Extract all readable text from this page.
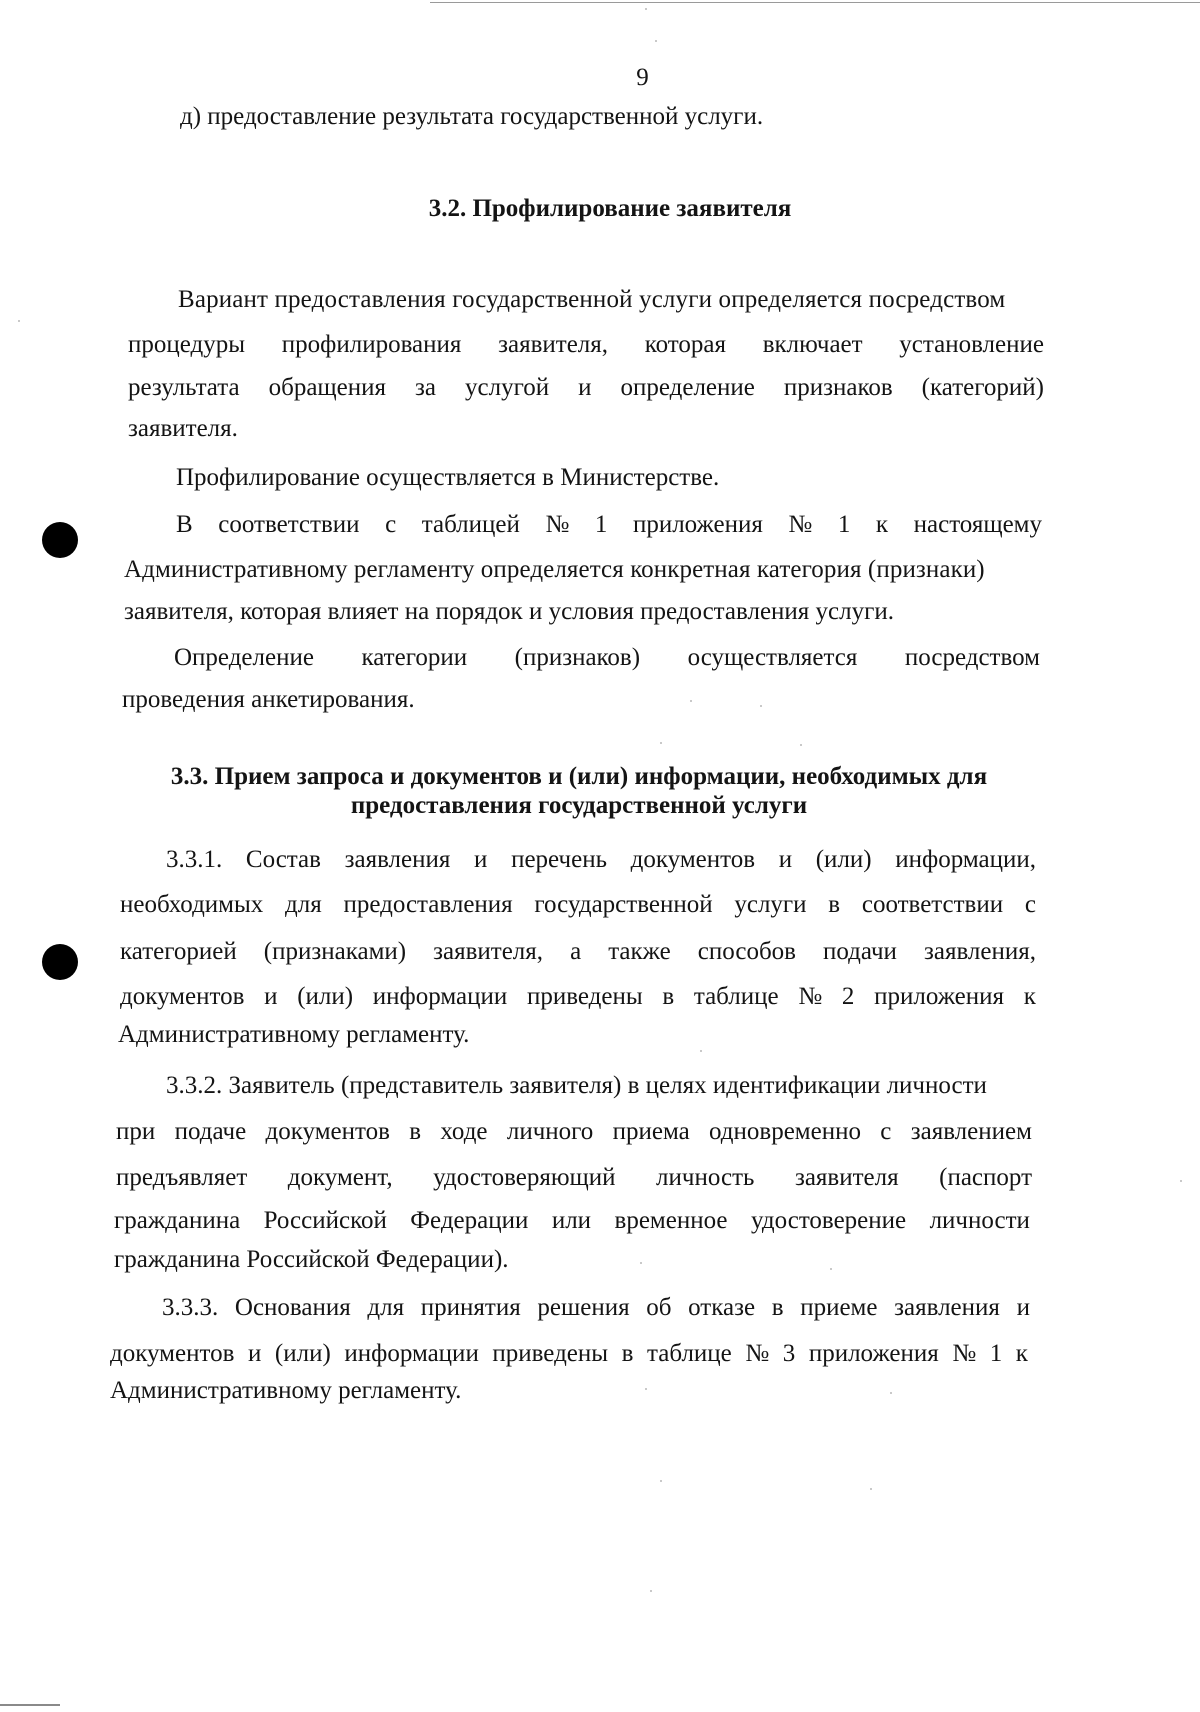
9
д) предоставление результата государственной услуги.
3.2. Профилирование заявителя
Вариант предоставления государственной услуги определяется посредством
процедуры профилирования заявителя, которая включает установление
результата обращения за услугой и определение признаков (категорий)
заявителя.
Профилирование осуществляется в Министерстве.
В соответствии с таблицей № 1 приложения № 1 к настоящему
Административному регламенту определяется конкретная категория (признаки)
заявителя, которая влияет на порядок и условия предоставления услуги.
Определение категории (признаков) осуществляется посредством
проведения анкетирования.
3.3. Прием запроса и документов и (или) информации, необходимых для
предоставления государственной услуги
3.3.1. Состав заявления и перечень документов и (или) информации,
необходимых для предоставления государственной услуги в соответствии с
категорией (признаками) заявителя, а также способов подачи заявления,
документов и (или) информации приведены в таблице № 2 приложения к
Административному регламенту.
3.3.2. Заявитель (представитель заявителя) в целях идентификации личности
при подаче документов в ходе личного приема одновременно с заявлением
предъявляет документ, удостоверяющий личность заявителя (паспорт
гражданина Российской Федерации или временное удостоверение личности
гражданина Российской Федерации).
3.3.3. Основания для принятия решения об отказе в приеме заявления и
документов и (или) информации приведены в таблице № 3 приложения № 1 к
Административному регламенту.
